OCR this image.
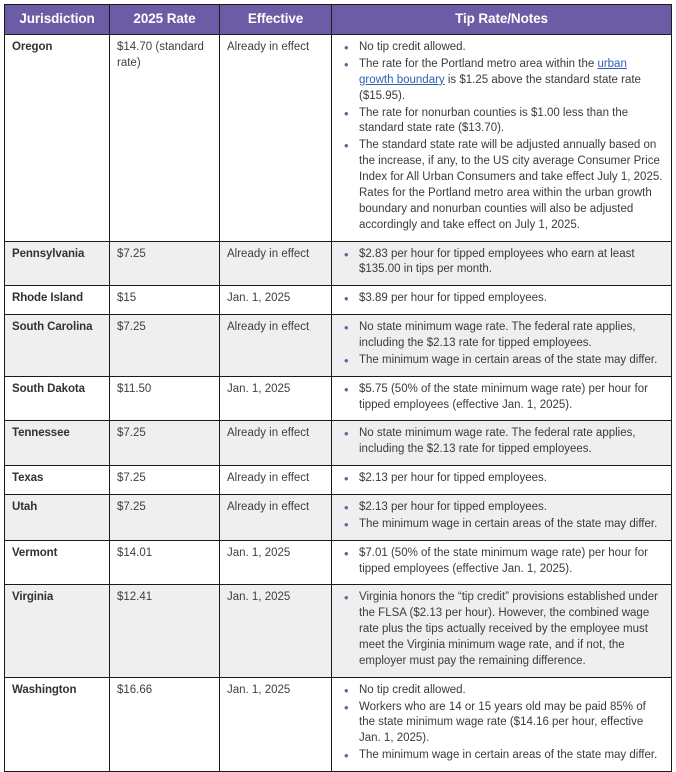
Jurisdiction	2025 Rate	Effective	Tip Rate/Notes
Oregon	$14.70 (standard rate)	Already in effect	
•No tip credit allowed.
• The rate for the Portland metro area within the urban growth boundary is $1.25 above the standard state rate ($15.95).
• The rate for nonurban counties is $1.00 less than the standard state rate ($13.70).
• The standard state rate will be adjusted annually based on the increase, if any, to the US city average Consumer Price Index for All Urban Consumers and take effect July 1, 2025. Rates for the Portland metro area within the urban growth boundary and nonurban counties will also be adjusted accordingly and take effect on July 1, 2025.

Pennsylvania	$7.25	Already in effect	
•$2.83 per hour for tipped employees who earn at least $135.00 in tips per month.

Rhode Island	$15	Jan. 1, 2025	
•$3.89 per hour for tipped employees.

South Carolina	$7.25	Already in effect	
•No state minimum wage rate. The federal rate applies, including the $2.13 rate for tipped employees.
• The minimum wage in certain areas of the state may differ.

South Dakota	$11.50	Jan. 1, 2025	
•$5.75 (50% of the state minimum wage rate) per hour for tipped employees (effective Jan. 1, 2025).

Tennessee	$7.25	Already in effect	
•No state minimum wage rate. The federal rate applies, including the $2.13 rate for tipped employees.

Texas	$7.25	Already in effect	
•$2.13 per hour for tipped employees.

Utah	$7.25	Already in effect	
•$2.13 per hour for tipped employees.
• The minimum wage in certain areas of the state may differ.

Vermont	$14.01	Jan. 1, 2025	
•$7.01 (50% of the state minimum wage rate) per hour for tipped employees (effective Jan. 1, 2025).

Virginia	$12.41	Jan. 1, 2025	
•Virginia honors the “tip credit” provisions established under the FLSA ($2.13 per hour). However, the combined wage rate plus the tips actually received by the employee must meet the Virginia minimum wage rate, and if not, the employer must pay the remaining difference.

Washington	$16.66	Jan. 1, 2025	
•No tip credit allowed.
• Workers who are 14 or 15 years old may be paid 85% of the state minimum wage rate ($14.16 per hour, effective Jan. 1, 2025).
• The minimum wage in certain areas of the state may differ.
